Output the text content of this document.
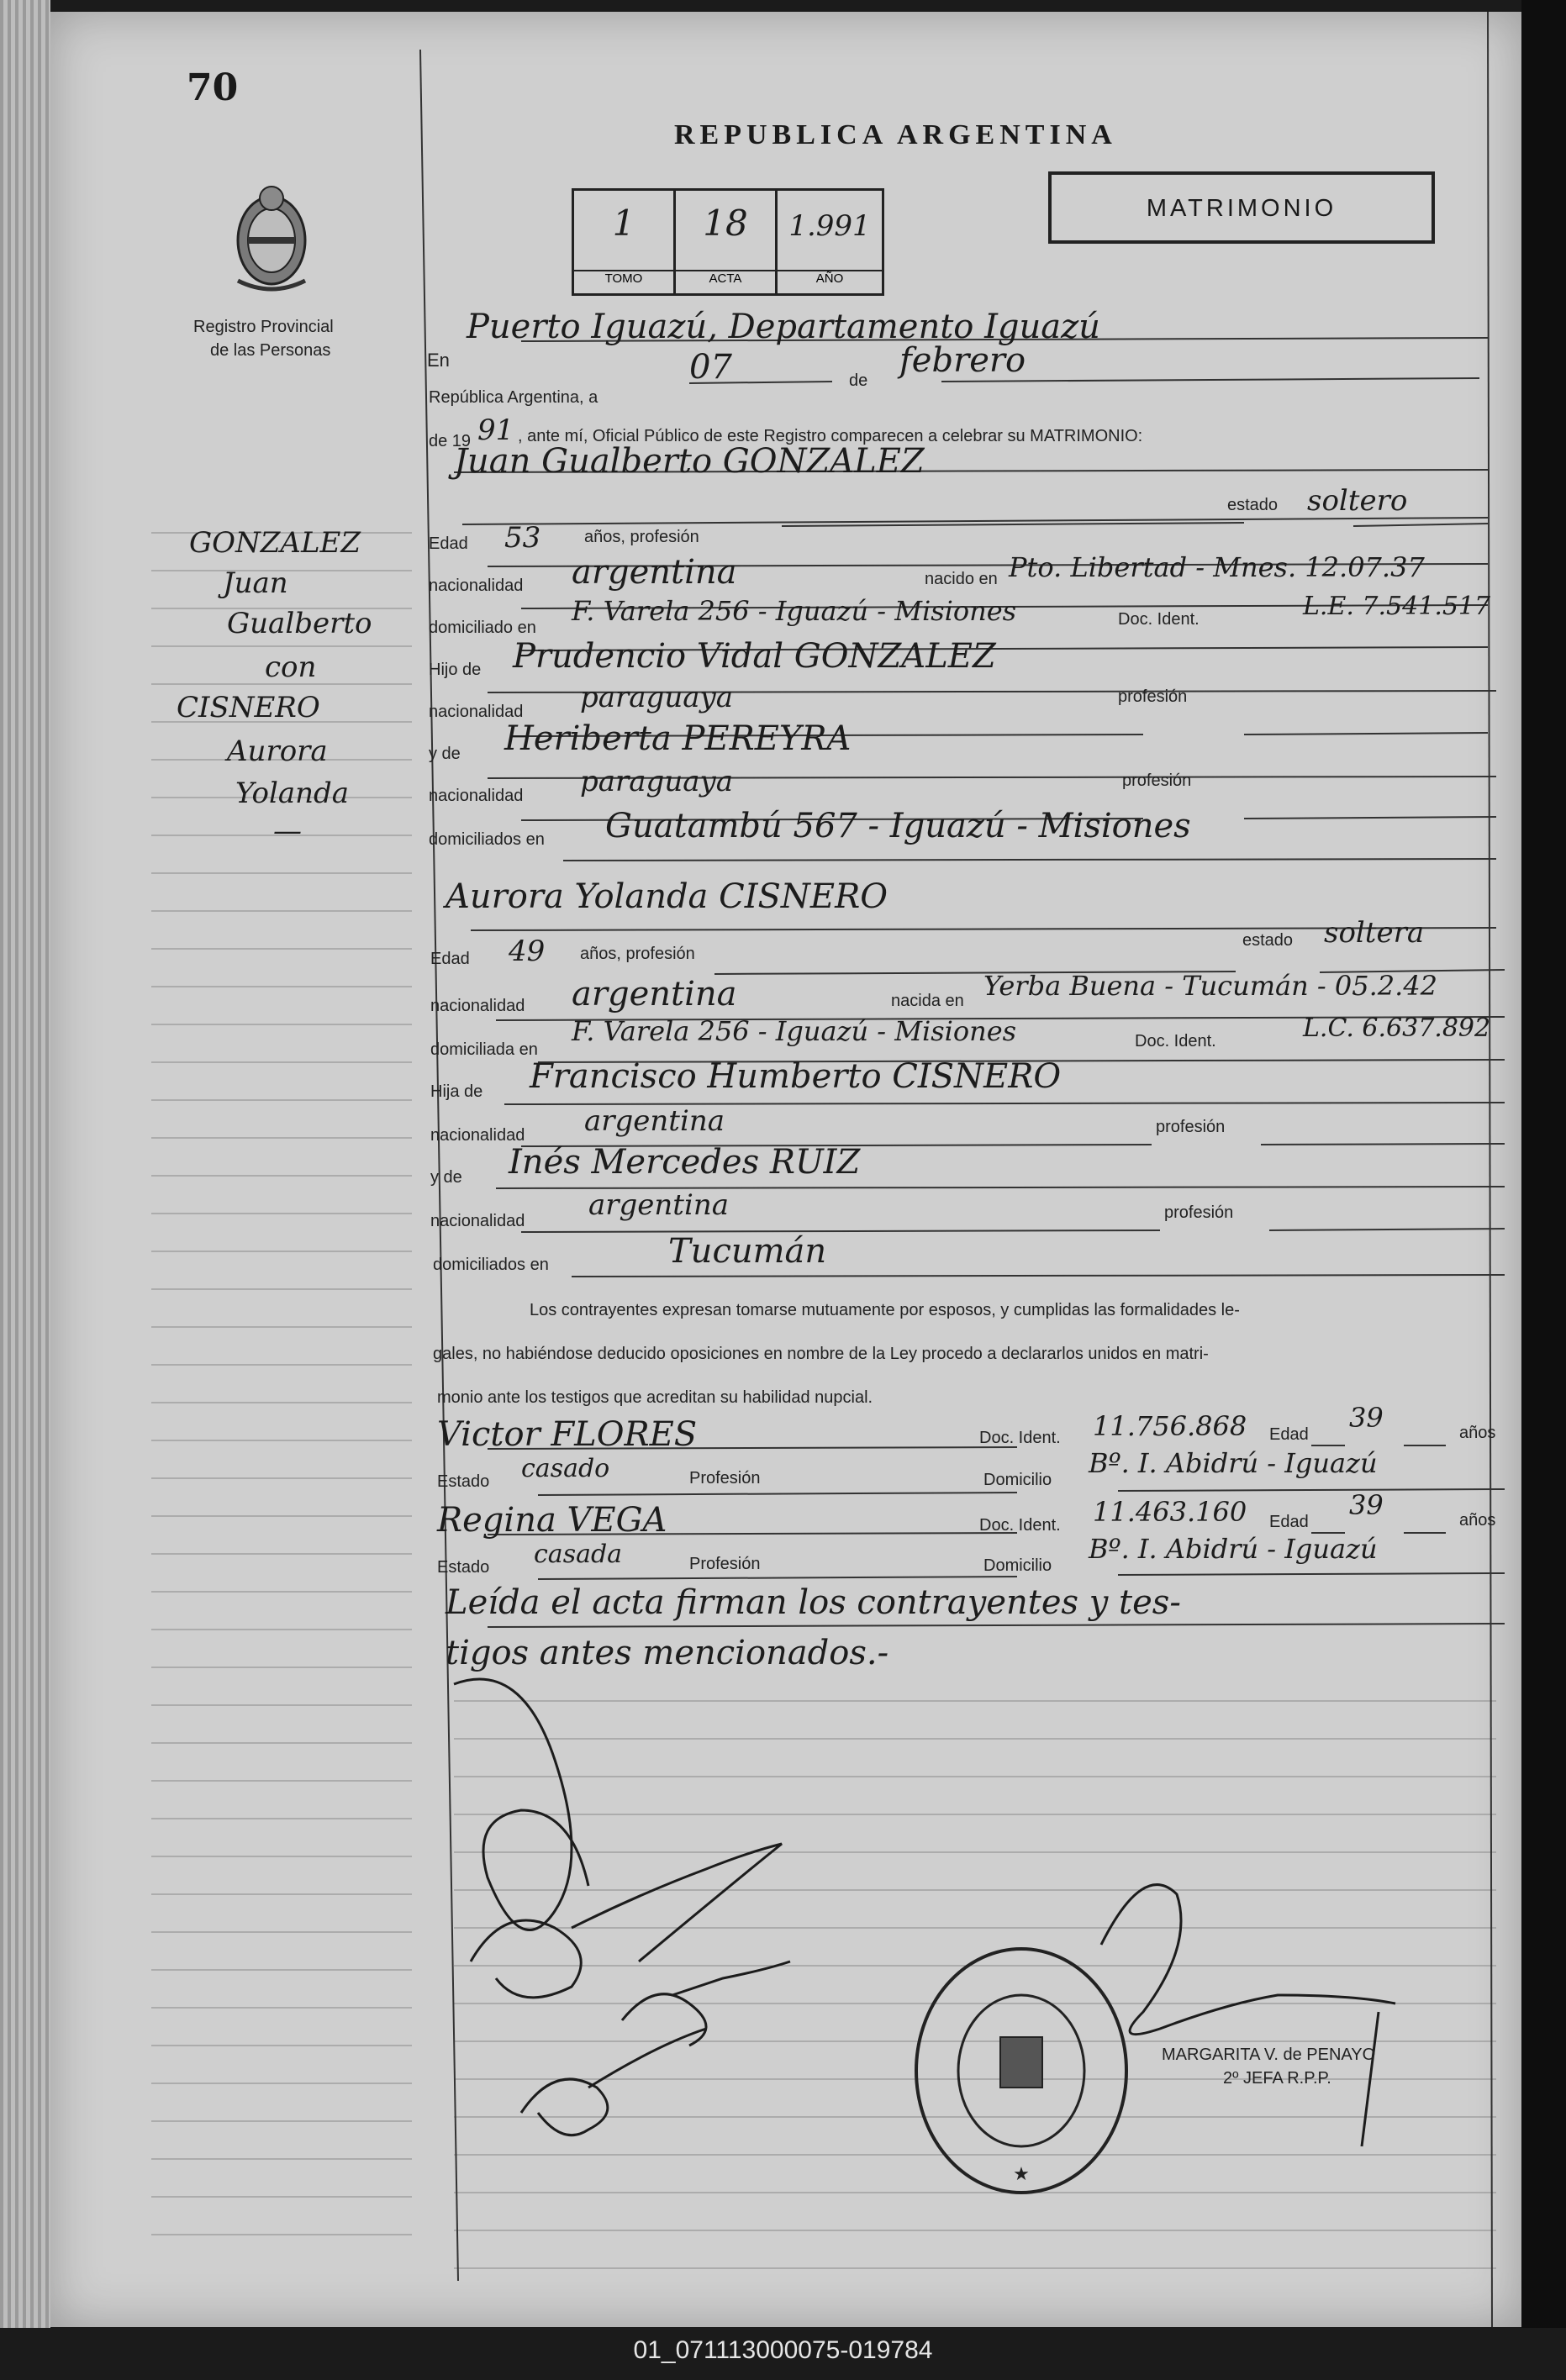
70
Registro Provincial
de las Personas
REPUBLICA ARGENTINA
MATRIMONIO
1
TOMO
18
ACTA
1.991
AÑO
GONZALEZ
Juan
Gualberto
con
CISNERO
Aurora
Yolanda
—
En
Puerto Iguazú, Departamento Iguazú
República Argentina, a
07	de
febrero
de 19 91 , ante mí, Oficial Público de este Registro comparecen a celebrar su MATRIMONIO:
Juan Gualberto GONZALEZ
estado soltero
Edad 53	años, profesión
nacionalidad argentina	nacido en Pto. Libertad - Mnes. 12.07.37
domiciliado en
F. Varela 256 - Iguazú - Misiones	Doc. Ident.	L.E. 7.541.517
Hijo de Prudencio Vidal GONZALEZ
nacionalidad paraguaya	profesión
y de Heriberta PEREYRA
nacionalidad paraguaya	profesión
domiciliados en Guatambú 567 - Iguazú - Misiones
Aurora Yolanda CISNERO
estado soltera
Edad 49 años, profesión
nacionalidad argentina	nacida en Yerba Buena - Tucumán - 05.2.42
domiciliada en
F. Varela 256 - Iguazú - Misiones	Doc. Ident.	L.C. 6.637.892
Hija de Francisco Humberto CISNERO
nacionalidad argentina	profesión
y de Inés Mercedes RUIZ
nacionalidad argentina	profesión
domiciliados en	Tucumán
Los contrayentes expresan tomarse mutuamente por esposos, y cumplidas las formalidades le-
gales, no habiéndose deducido oposiciones en nombre de la Ley procedo a declararlos unidos en matri-
monio ante los testigos que acreditan su habilidad nupcial.
Victor FLORES	Doc. Ident. 11.756.868 Edad
39	años
Estado casado	Profesión	Domicilio
Bº. I. Abidrú - Iguazú
Regina VEGA	Doc. Ident. 11.463.160 Edad
39	años
Estado casada	Profesión	Domicilio
Bº. I. Abidrú - Iguazú
Leída el acta firman los contrayentes y tes-
tigos antes mencionados.-
★
MARGARITA V. de PENAYO
2º JEFA R.P.P.
01_071113000075-019784
